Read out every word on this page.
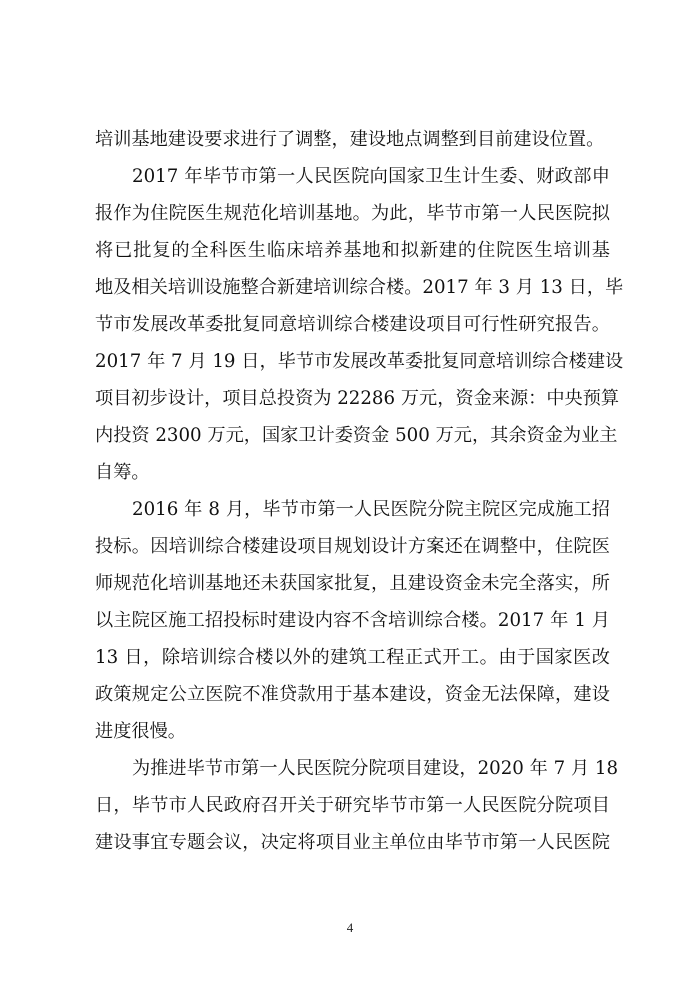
培训基地建设要求进行了调整，建设地点调整到目前建设位置。
2017 年毕节市第一人民医院向国家卫生计生委、财政部申
报作为住院医生规范化培训基地。为此，毕节市第一人民医院拟
将已批复的全科医生临床培养基地和拟新建的住院医生培训基
地及相关培训设施整合新建培训综合楼。2017 年 3 月 13 日，毕
节市发展改革委批复同意培训综合楼建设项目可行性研究报告。
2017 年 7 月 19 日，毕节市发展改革委批复同意培训综合楼建设
项目初步设计，项目总投资为 22286 万元，资金来源：中央预算
内投资 2300 万元，国家卫计委资金 500 万元，其余资金为业主
自筹。
2016 年 8 月，毕节市第一人民医院分院主院区完成施工招
投标。因培训综合楼建设项目规划设计方案还在调整中，住院医
师规范化培训基地还未获国家批复，且建设资金未完全落实，所
以主院区施工招投标时建设内容不含培训综合楼。2017 年 1 月
13 日，除培训综合楼以外的建筑工程正式开工。由于国家医改
政策规定公立医院不准贷款用于基本建设，资金无法保障，建设
进度很慢。
为推进毕节市第一人民医院分院项目建设，2020 年 7 月 18
日，毕节市人民政府召开关于研究毕节市第一人民医院分院项目
建设事宜专题会议，决定将项目业主单位由毕节市第一人民医院
4
